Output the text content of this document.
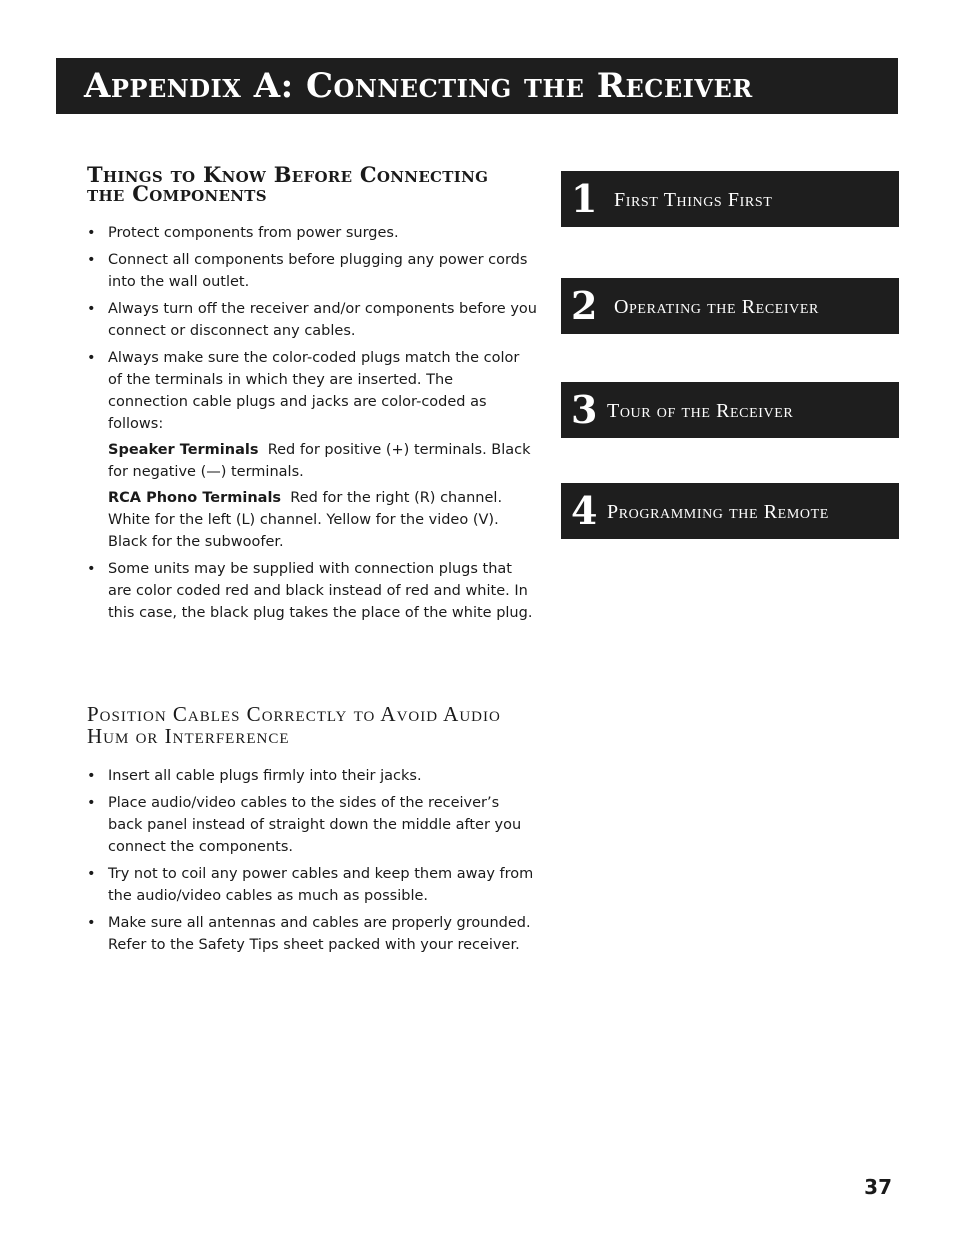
Appendix A: Connecting the Receiver
Things to Know Before Connecting the Components
• Protect components from power surges.
• Connect all components before plugging any power cords into the wall outlet.
• Always turn off the receiver and/or components before you connect or disconnect any cables.
• Always make sure the color-coded plugs match the color of the terminals in which they are inserted. The connection cable plugs and jacks are color-coded as follows:
Speaker Terminals Red for positive (+) terminals. Black for negative (—) terminals.
RCA Phono Terminals Red for the right (R) channel. White for the left (L) channel. Yellow for the video (V). Black for the subwoofer.
• Some units may be supplied with connection plugs that are color coded red and black instead of red and white. In this case, the black plug takes the place of the white plug.
Position Cables Correctly to Avoid Audio Hum or Interference
• Insert all cable plugs firmly into their jacks.
• Place audio/video cables to the sides of the receiver’s back panel instead of straight down the middle after you connect the components.
• Try not to coil any power cables and keep them away from the audio/video cables as much as possible.
• Make sure all antennas and cables are properly grounded. Refer to the Safety Tips sheet packed with your receiver.
1 First Things First
2 Operating the Receiver
3 Tour of the Receiver
4 Programming the Remote
37
